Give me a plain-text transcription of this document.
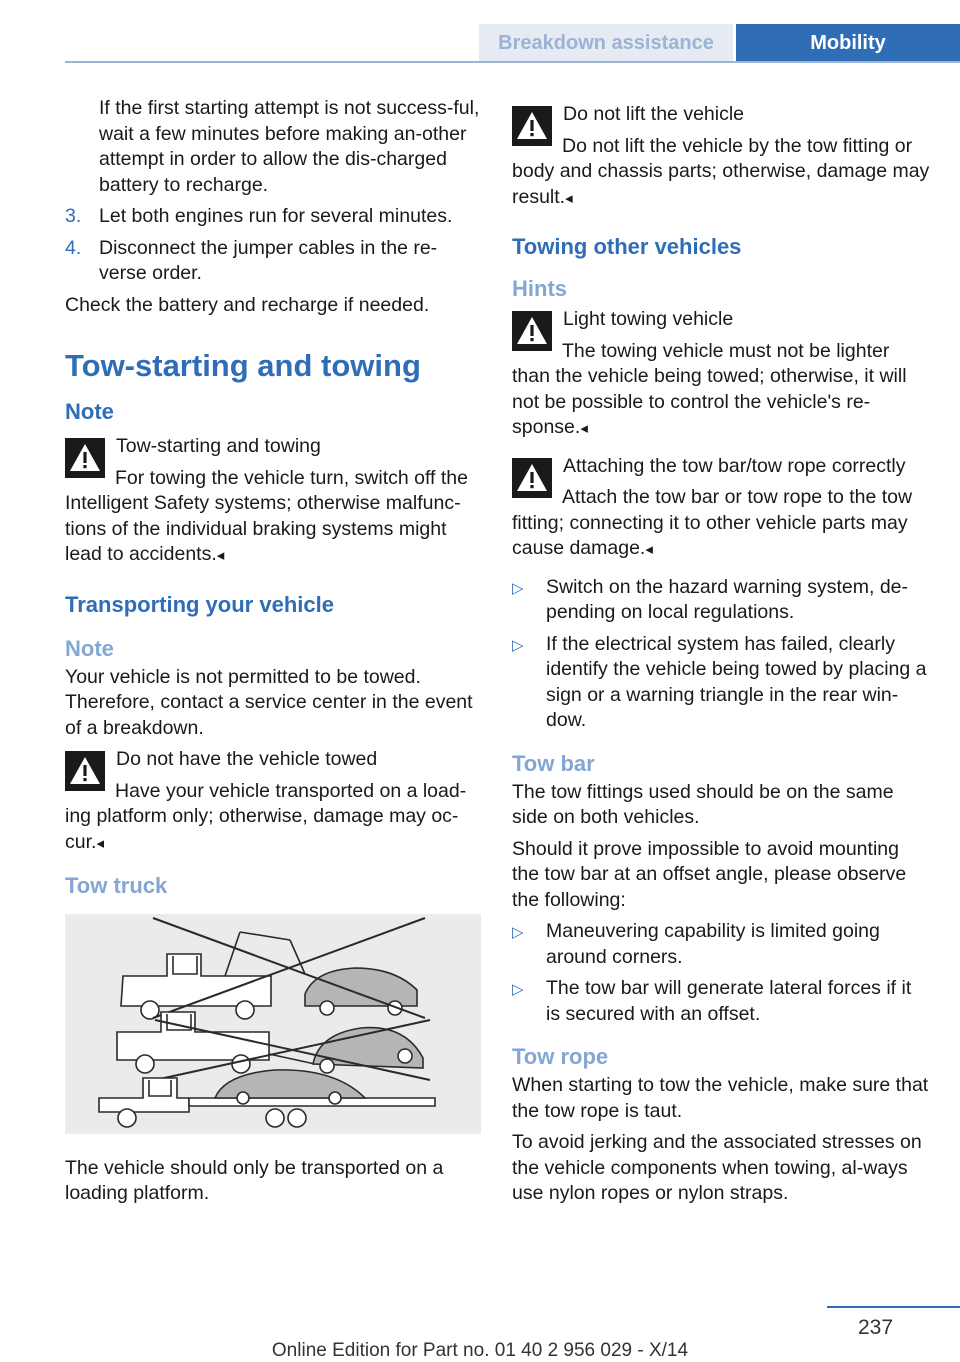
Breakdown assistance	Mobility

If the first starting attempt is not success-ful, wait a few minutes before making an-other attempt in order to allow the dis-charged battery to recharge.

3. Let both engines run for several minutes.
4. Disconnect the jumper cables in the re-verse order.

Check the battery and recharge if needed.

Tow-starting and towing
Note
Tow-starting and towing
For towing the vehicle turn, switch off the Intelligent Safety systems; otherwise malfunc-tions of the individual braking systems might lead to accidents.◂
Transporting your vehicle
Note

Your vehicle is not permitted to be towed. Therefore, contact a service center in the event of a breakdown.

Do not have the vehicle towed
Have your vehicle transported on a load-ing platform only; otherwise, damage may oc-cur.◂
Tow truck

The vehicle should only be transported on a loading platform.

Do not lift the vehicle
Do not lift the vehicle by the tow fitting or body and chassis parts; otherwise, damage may result.◂
Towing other vehicles
Hints
Light towing vehicle
The towing vehicle must not be lighter than the vehicle being towed; otherwise, it will not be possible to control the vehicle's re-sponse.◂
Attaching the tow bar/tow rope correctly
Attach the tow bar or tow rope to the tow fitting; connecting it to other vehicle parts may cause damage.◂
▷	Switch on the hazard warning system, de-pending on local regulations.
▷	If the electrical system has failed, clearly identify the vehicle being towed by placing a sign or a warning triangle in the rear win-dow.
Tow bar

The tow fittings used should be on the same side on both vehicles.

Should it prove impossible to avoid mounting the tow bar at an offset angle, please observe the following:

▷	Maneuvering capability is limited going around corners.
▷	The tow bar will generate lateral forces if it is secured with an offset.
Tow rope

When starting to tow the vehicle, make sure that the tow rope is taut.

To avoid jerking and the associated stresses on the vehicle components when towing, al-ways use nylon ropes or nylon straps.

237
Online Edition for Part no. 01 40 2 956 029 - X/14
